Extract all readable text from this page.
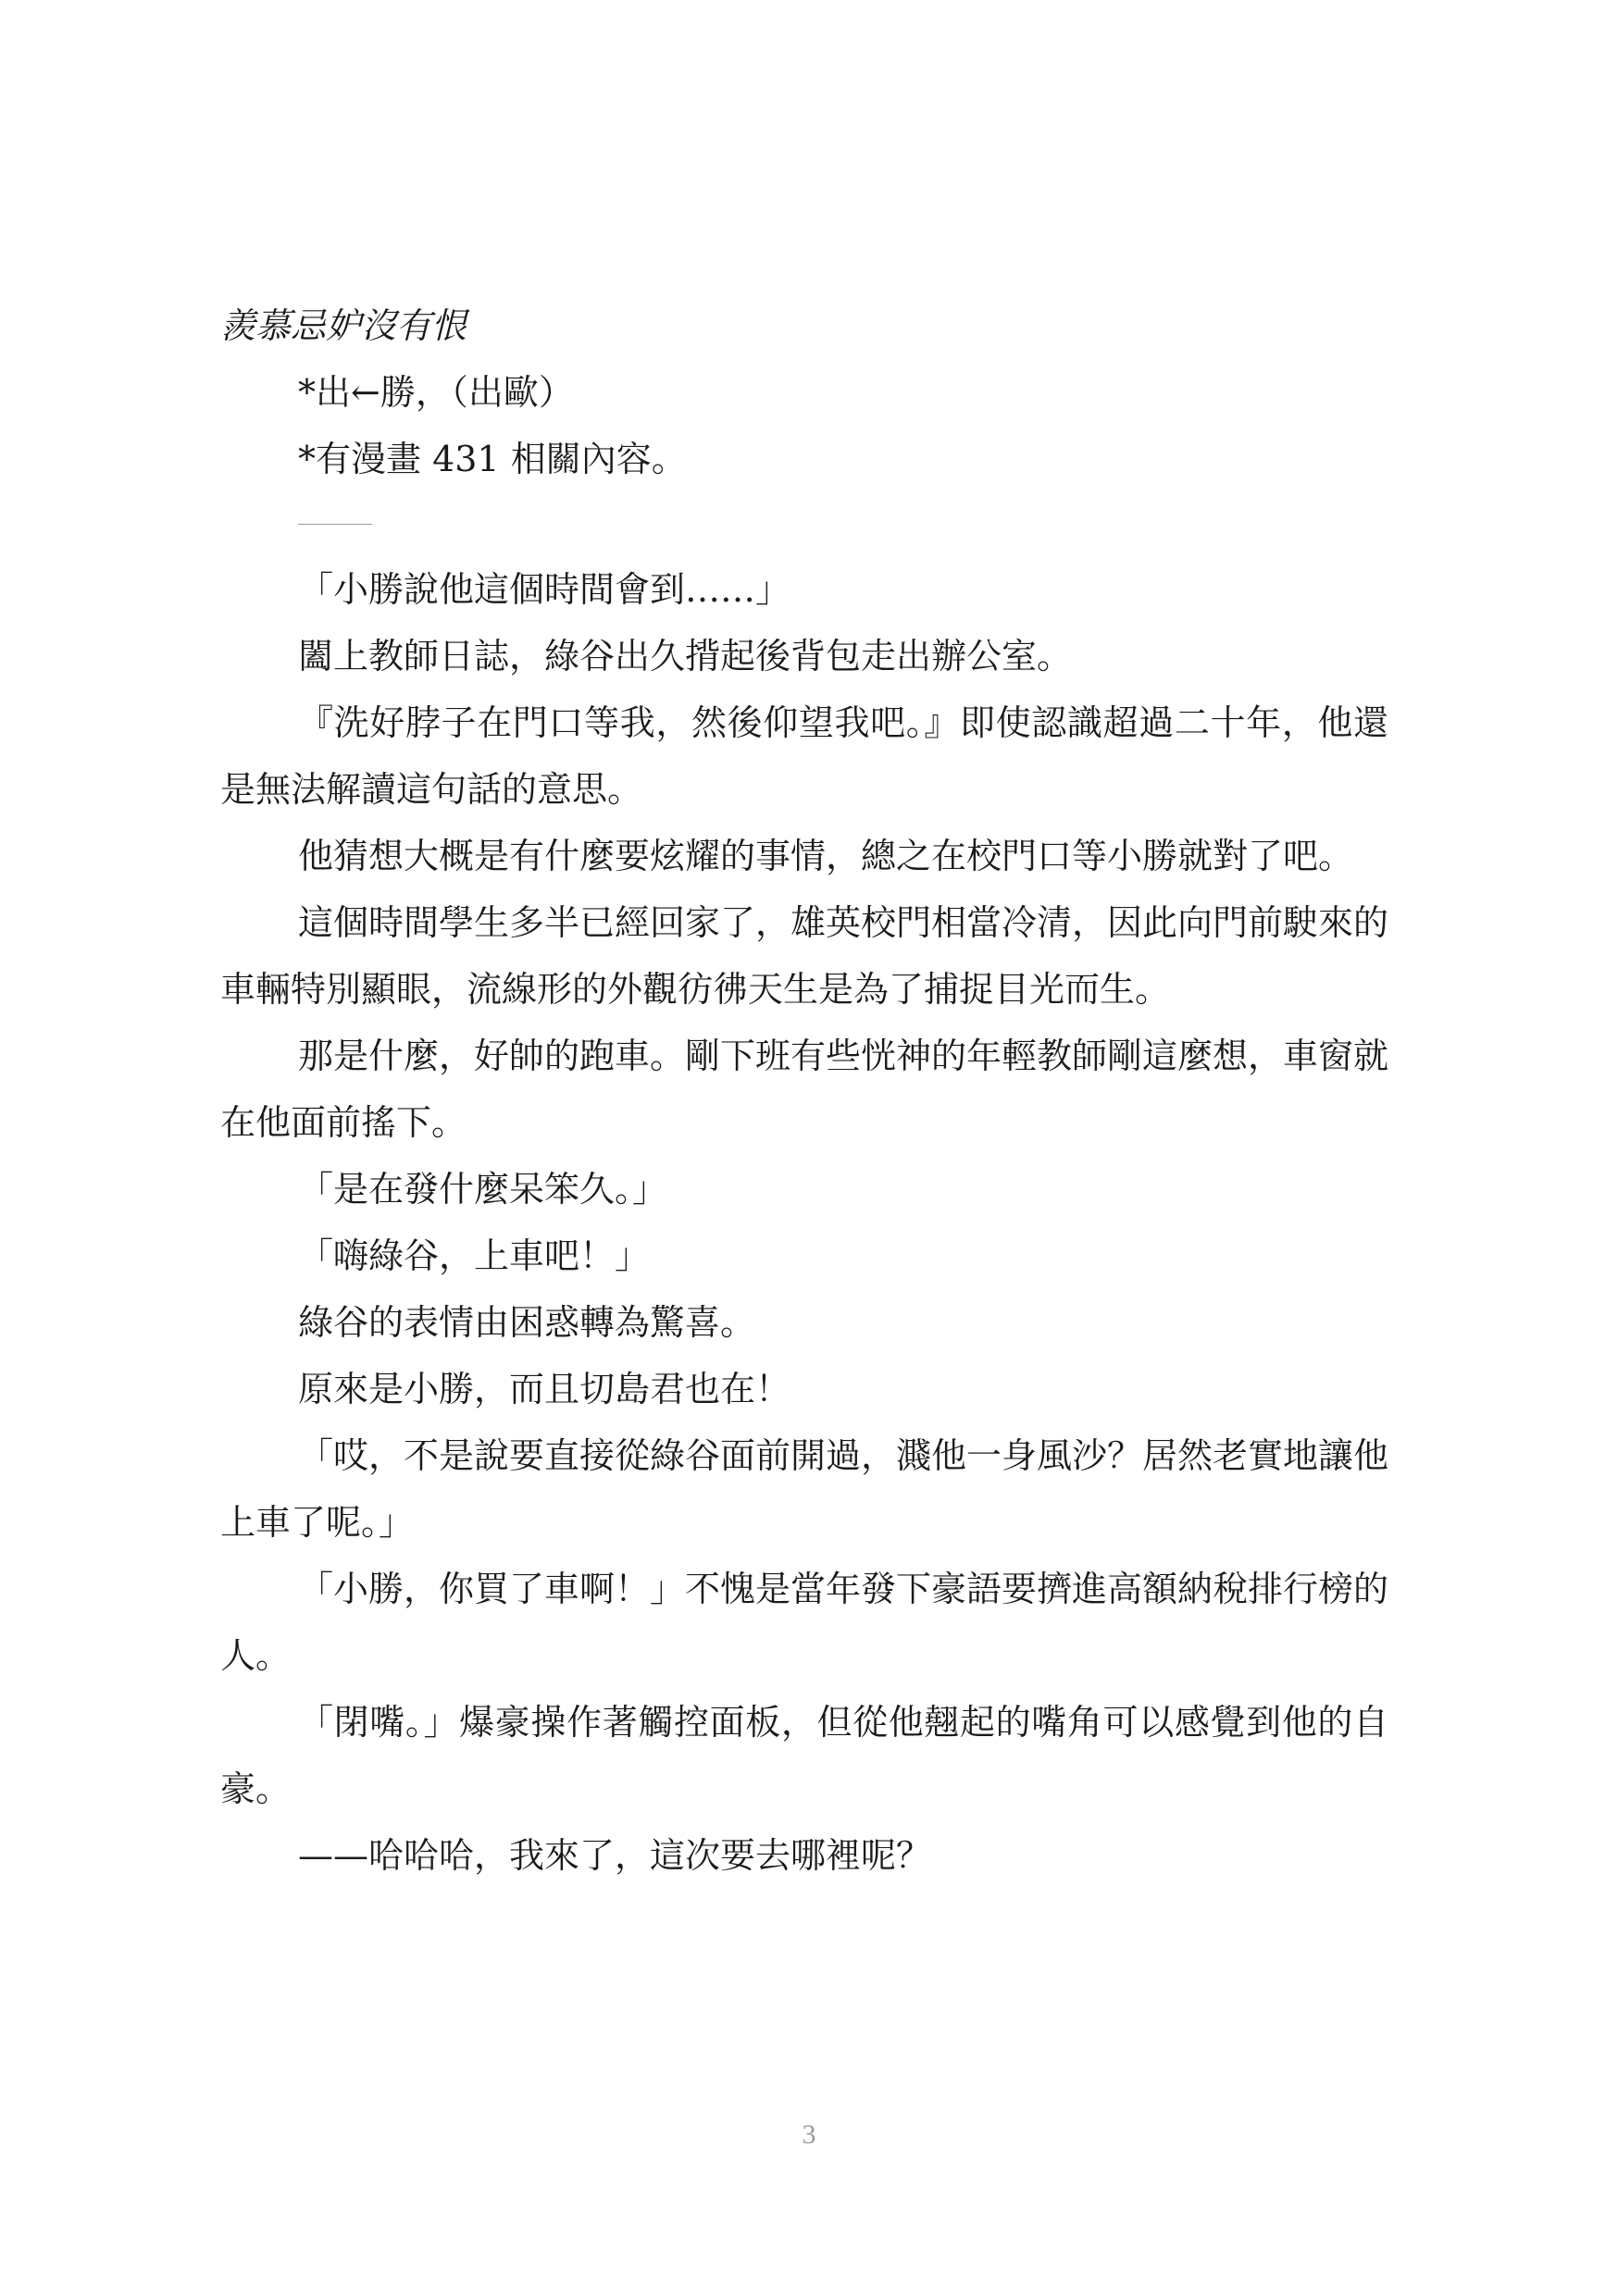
羨慕忌妒沒有恨

*出←勝，（出歐）

*有漫畫 431 相關內容。

「小勝說他這個時間會到……」

闔上教師日誌，綠谷出久揹起後背包走出辦公室。

『洗好脖子在門口等我，然後仰望我吧。』即使認識超過二十年，他還是無法解讀這句話的意思。

他猜想大概是有什麼要炫耀的事情，總之在校門口等小勝就對了吧。

這個時間學生多半已經回家了，雄英校門相當冷清，因此向門前駛來的車輛特別顯眼，流線形的外觀彷彿天生是為了捕捉目光而生。

那是什麼，好帥的跑車。剛下班有些恍神的年輕教師剛這麼想，車窗就在他面前搖下。

「是在發什麼呆笨久。」

「嗨綠谷，上車吧！」

綠谷的表情由困惑轉為驚喜。

原來是小勝，而且切島君也在！

「哎，不是說要直接從綠谷面前開過，濺他一身風沙？居然老實地讓他上車了呢。」

「小勝，你買了車啊！」不愧是當年發下豪語要擠進高額納稅排行榜的人。

「閉嘴。」爆豪操作著觸控面板，但從他翹起的嘴角可以感覺到他的自豪。

——哈哈哈，我來了，這次要去哪裡呢？

3
